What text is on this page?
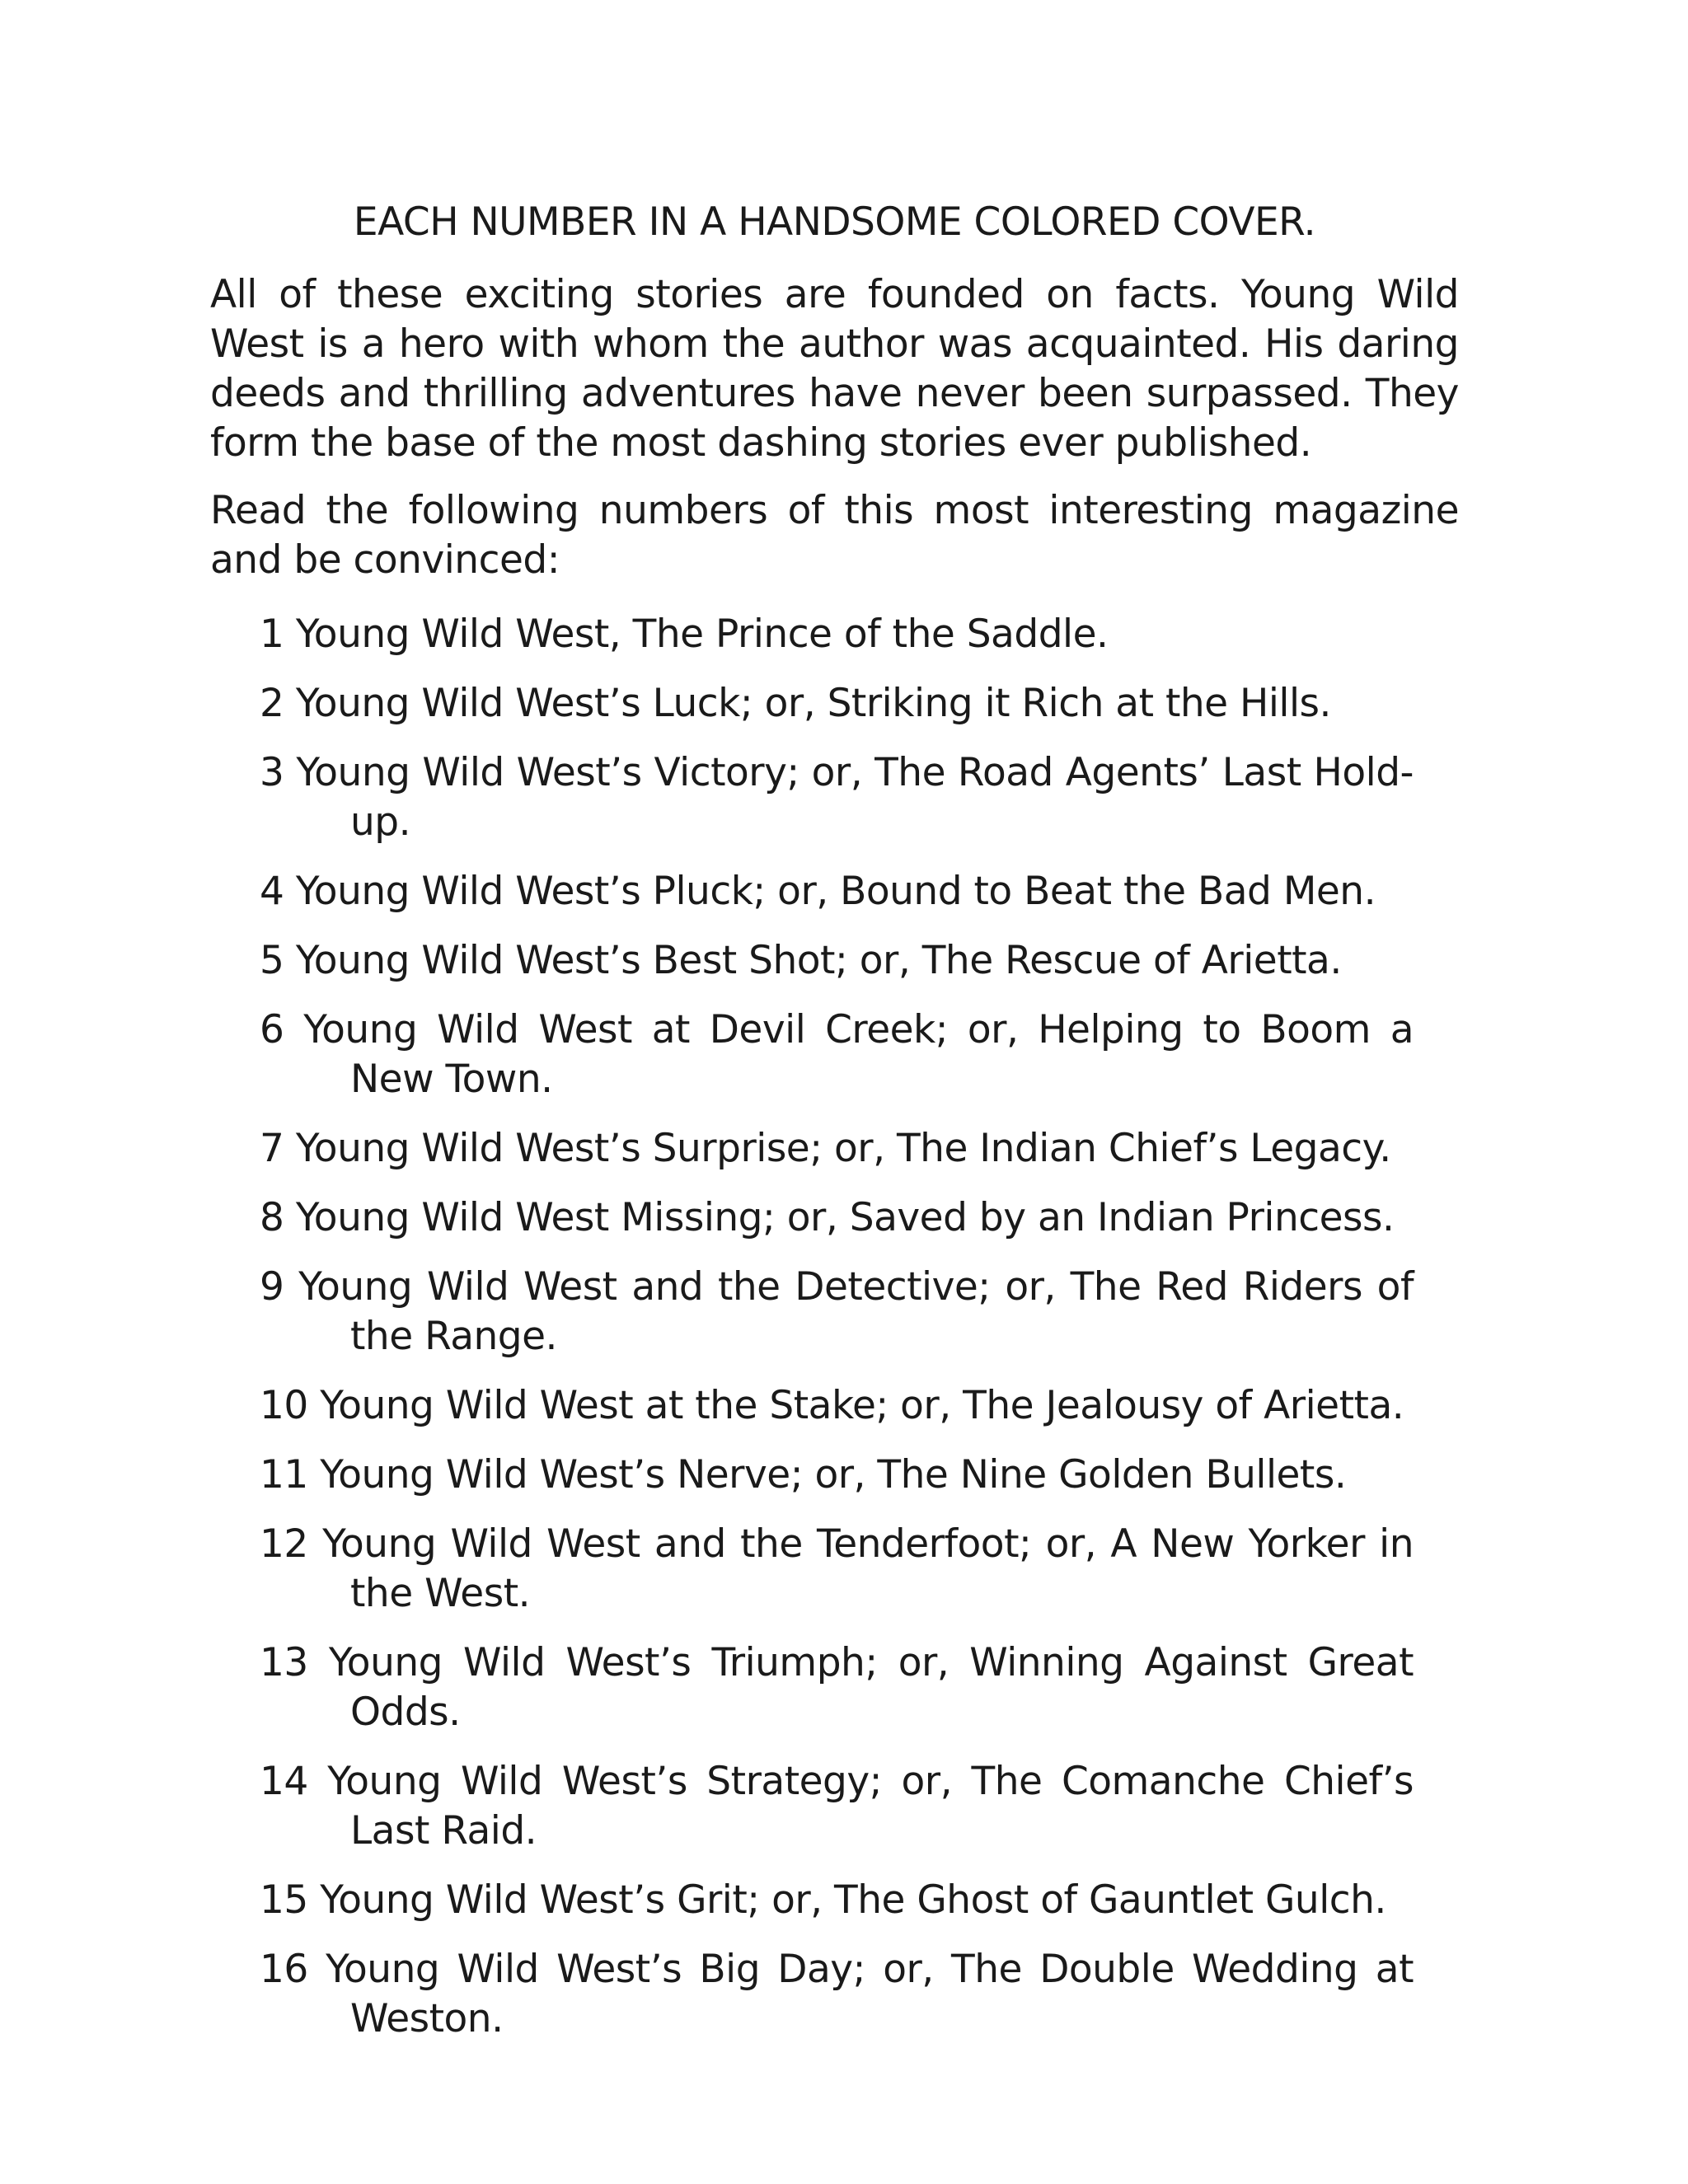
EACH NUMBER IN A HANDSOME COLORED COVER.

All of these exciting stories are founded on facts. Young Wild West is a hero with whom the author was acquainted. His daring deeds and thrilling adventures have never been surpassed. They form the base of the most dashing stories ever published.

Read the following numbers of this most interesting magazine and be convinced:

1 Young Wild West, The Prince of the Saddle.
2 Young Wild West’s Luck; or, Striking it Rich at the Hills.
3 Young Wild West’s Victory; or, The Road Agents’ Last Hold-up.
4 Young Wild West’s Pluck; or, Bound to Beat the Bad Men.
5 Young Wild West’s Best Shot; or, The Rescue of Arietta.
6 Young Wild West at Devil Creek; or, Helping to Boom a New Town.
7 Young Wild West’s Surprise; or, The Indian Chief’s Legacy.
8 Young Wild West Missing; or, Saved by an Indian Princess.
9 Young Wild West and the Detective; or, The Red Riders of the Range.
10 Young Wild West at the Stake; or, The Jealousy of Arietta.
11 Young Wild West’s Nerve; or, The Nine Golden Bullets.
12 Young Wild West and the Tenderfoot; or, A New Yorker in the West.
13 Young Wild West’s Triumph; or, Winning Against Great Odds.
14 Young Wild West’s Strategy; or, The Comanche Chief’s Last Raid.
15 Young Wild West’s Grit; or, The Ghost of Gauntlet Gulch.
16 Young Wild West’s Big Day; or, The Double Wedding at Weston.
